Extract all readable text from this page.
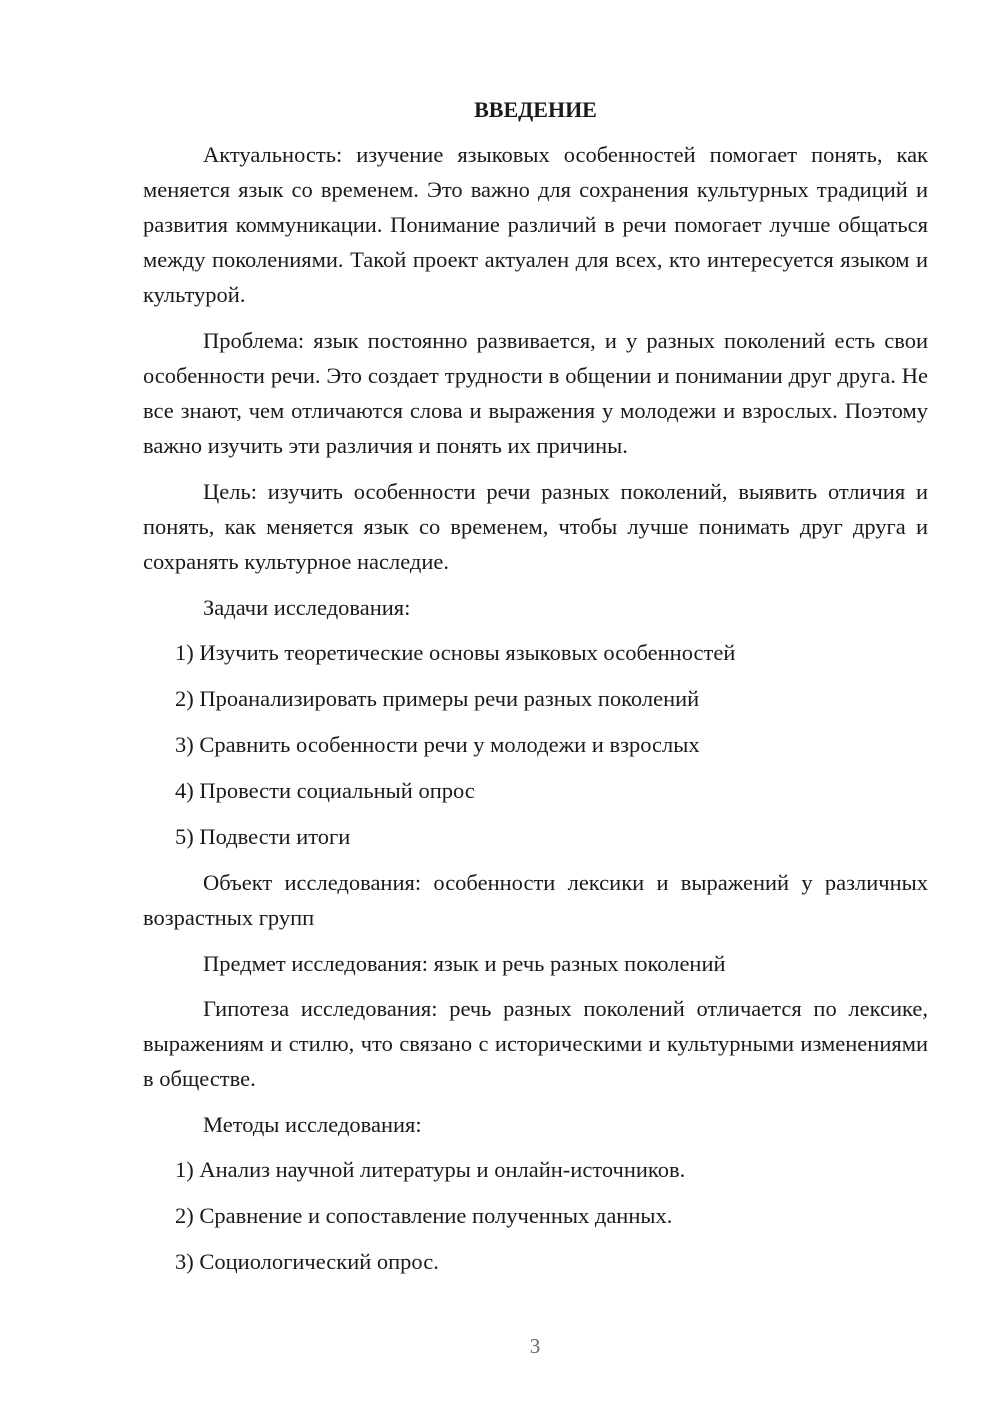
ВВЕДЕНИЕ

Актуальность: изучение языковых особенностей помогает понять, как меняется язык со временем. Это важно для сохранения культурных традиций и развития коммуникации. Понимание различий в речи помогает лучше общаться между поколениями. Такой проект актуален для всех, кто интересуется языком и культурой.

Проблема: язык постоянно развивается, и у разных поколений есть свои особенности речи. Это создает трудности в общении и понимании друг друга. Не все знают, чем отличаются слова и выражения у молодежи и взрослых. Поэтому важно изучить эти различия и понять их причины.

Цель: изучить особенности речи разных поколений, выявить отличия и понять, как меняется язык со временем, чтобы лучше понимать друг друга и сохранять культурное наследие.

Задачи исследования:

1) Изучить теоретические основы языковых особенностей

2) Проанализировать примеры речи разных поколений

3) Сравнить особенности речи у молодежи и взрослых

4) Провести социальный опрос

5) Подвести итоги

Объект исследования: особенности лексики и выражений у различных возрастных групп

Предмет исследования: язык и речь разных поколений

Гипотеза исследования: речь разных поколений отличается по лексике, выражениям и стилю, что связано с историческими и культурными изменениями в обществе.

Методы исследования:

1) Анализ научной литературы и онлайн-источников.

2) Сравнение и сопоставление полученных данных.

3) Социологический опрос.

3
